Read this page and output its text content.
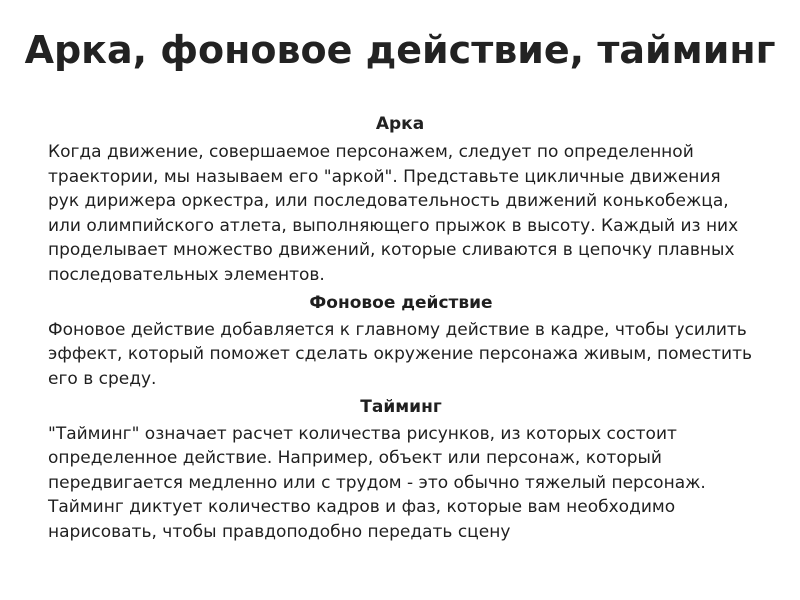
Арка, фоновое действие, тайминг
Арка

Когда движение, совершаемое персонажем, следует по определенной траектории, мы называем его "аркой". Представьте цикличные движения рук дирижера оркестра, или последовательность движений конькобежца, или олимпийского атлета, выполняющего прыжок в высоту. Каждый из них проделывает множество движений, которые сливаются в цепочку плавных последовательных элементов.

Фоновое действие

Фоновое действие добавляется к главному действие в кадре, чтобы усилить эффект, который поможет сделать окружение персонажа живым, поместить его в среду.

Тайминг

"Тайминг" означает расчет количества рисунков, из которых состоит определенное действие. Например, объект или персонаж, который передвигается медленно или с трудом - это обычно тяжелый персонаж. Тайминг диктует количество кадров и фаз, которые вам необходимо нарисовать, чтобы правдоподобно передать сцену
